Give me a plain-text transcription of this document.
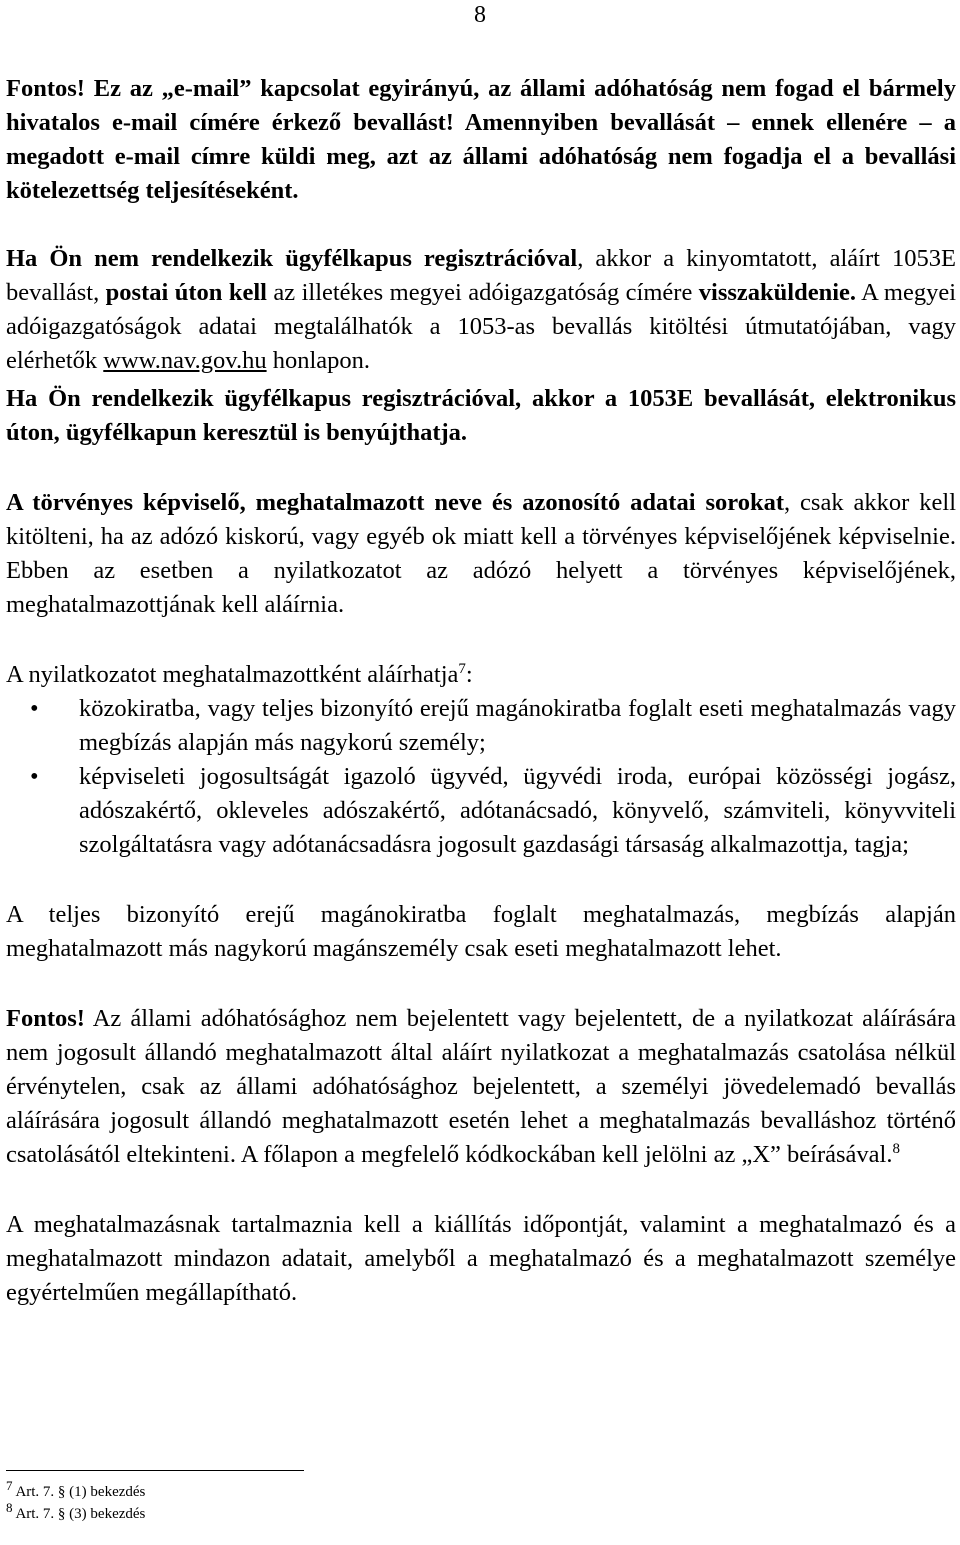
8

Fontos! Ez az „e-mail” kapcsolat egyirányú, az állami adóhatóság nem fogad el bármely hivatalos e-mail címére érkező bevallást! Amennyiben bevallását – ennek ellenére – a megadott e-mail címre küldi meg, azt az állami adóhatóság nem fogadja el a bevallási kötelezettség teljesítéseként.

Ha Ön nem rendelkezik ügyfélkapus regisztrációval, akkor a kinyomtatott, aláírt 1053E bevallást, postai úton kell az illetékes megyei adóigazgatóság címére visszaküldenie. A megyei adóigazgatóságok adatai megtalálhatók a 1053-as bevallás kitöltési útmutatójában, vagy elérhetők www.nav.gov.hu honlapon.

Ha Ön rendelkezik ügyfélkapus regisztrációval, akkor a 1053E bevallását, elektronikus úton, ügyfélkapun keresztül is benyújthatja.

A törvényes képviselő, meghatalmazott neve és azonosító adatai sorokat, csak akkor kell kitölteni, ha az adózó kiskorú, vagy egyéb ok miatt kell a törvényes képviselőjének képviselnie. Ebben az esetben a nyilatkozatot az adózó helyett a törvényes képviselőjének, meghatalmazottjának kell aláírnia.

A nyilatkozatot meghatalmazottként aláírhatja$^7$:

• közokiratba, vagy teljes bizonyító erejű magánokiratba foglalt eseti meghatalmazás vagy megbízás alapján más nagykorú személy;
• képviseleti jogosultságát igazoló ügyvéd, ügyvédi iroda, európai közösségi jogász, adószakértő, okleveles adószakértő, adótanácsadó, könyvelő, számviteli, könyvviteli szolgáltatásra vagy adótanácsadásra jogosult gazdasági társaság alkalmazottja, tagja;

A teljes bizonyító erejű magánokiratba foglalt meghatalmazás, megbízás alapján meghatalmazott más nagykorú magánszemély csak eseti meghatalmazott lehet.

Fontos! Az állami adóhatósághoz nem bejelentett vagy bejelentett, de a nyilatkozat aláírására nem jogosult állandó meghatalmazott által aláírt nyilatkozat a meghatalmazás csatolása nélkül érvénytelen, csak az állami adóhatósághoz bejelentett, a személyi jövedelemadó bevallás aláírására jogosult állandó meghatalmazott esetén lehet a meghatalmazás bevalláshoz történő csatolásától eltekinteni. A főlapon a megfelelő kódkockában kell jelölni az „X” beírásával.$^8$

A meghatalmazásnak tartalmaznia kell a kiállítás időpontját, valamint a meghatalmazó és a meghatalmazott mindazon adatait, amelyből a meghatalmazó és a meghatalmazott személye egyértelműen megállapítható.

$^7$ Art. 7. § (1) bekezdés
$^8$ Art. 7. § (3) bekezdés
